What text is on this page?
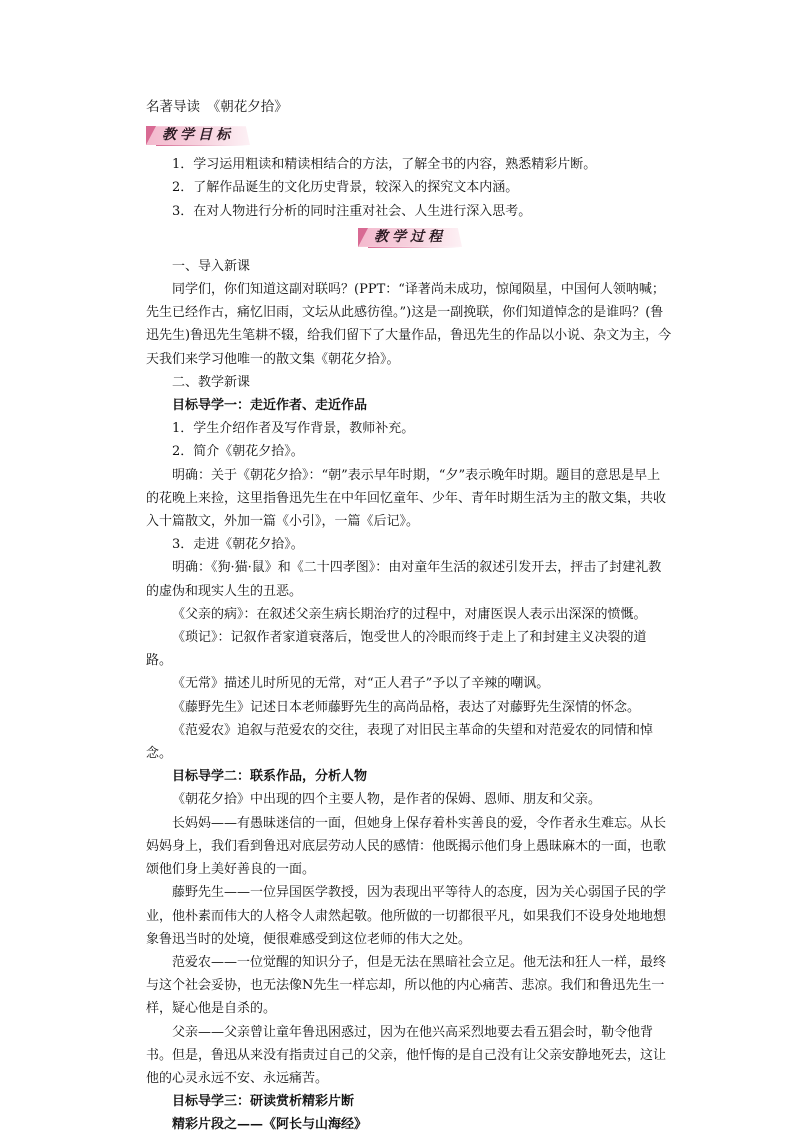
名著导读　《朝花夕拾》

教学目标

1．学习运用粗读和精读相结合的方法，了解全书的内容，熟悉精彩片断。

2．了解作品诞生的文化历史背景，较深入的探究文本内涵。

3．在对人物进行分析的同时注重对社会、人生进行深入思考。

教学过程

一、导入新课

同学们，你们知道这副对联吗？(PPT：“译著尚未成功，惊闻陨星，中国何人领呐喊；先生已经作古，痛忆旧雨，文坛从此感彷徨。”)这是一副挽联，你们知道悼念的是谁吗？(鲁迅先生)鲁迅先生笔耕不辍，给我们留下了大量作品，鲁迅先生的作品以小说、杂文为主，今天我们来学习他唯一的散文集《朝花夕拾》。

二、教学新课

目标导学一：走近作者、走近作品

1．学生介绍作者及写作背景，教师补充。

2．简介《朝花夕拾》。

明确：关于《朝花夕拾》：“朝”表示早年时期，“夕”表示晚年时期。题目的意思是早上的花晚上来捡，这里指鲁迅先生在中年回忆童年、少年、青年时期生活为主的散文集，共收入十篇散文，外加一篇《小引》，一篇《后记》。

3．走进《朝花夕拾》。

明确：《狗·猫·鼠》和《二十四孝图》：由对童年生活的叙述引发开去，抨击了封建礼教的虚伪和现实人生的丑恶。

《父亲的病》：在叙述父亲生病长期治疗的过程中，对庸医误人表示出深深的愤慨。

《琐记》：记叙作者家道衰落后，饱受世人的冷眼而终于走上了和封建主义决裂的道路。

《无常》描述儿时所见的无常，对“正人君子”予以了辛辣的嘲讽。

《藤野先生》记述日本老师藤野先生的高尚品格，表达了对藤野先生深情的怀念。

《范爱农》追叙与范爱农的交往，表现了对旧民主革命的失望和对范爱农的同情和悼念。

目标导学二：联系作品，分析人物

《朝花夕拾》中出现的四个主要人物，是作者的保姆、恩师、朋友和父亲。

长妈妈——有愚昧迷信的一面，但她身上保存着朴实善良的爱，令作者永生难忘。从长妈妈身上，我们看到鲁迅对底层劳动人民的感情：他既揭示他们身上愚昧麻木的一面，也歌颂他们身上美好善良的一面。

藤野先生——一位异国医学教授，因为表现出平等待人的态度，因为关心弱国子民的学业，他朴素而伟大的人格令人肃然起敬。他所做的一切都很平凡，如果我们不设身处地地想象鲁迅当时的处境，便很难感受到这位老师的伟大之处。

范爱农——一位觉醒的知识分子，但是无法在黑暗社会立足。他无法和狂人一样，最终与这个社会妥协，也无法像N先生一样忘却，所以他的内心痛苦、悲凉。我们和鲁迅先生一样，疑心他是自杀的。

父亲——父亲曾让童年鲁迅困惑过，因为在他兴高采烈地要去看五猖会时，勒令他背书。但是，鲁迅从来没有指责过自己的父亲，他忏悔的是自己没有让父亲安静地死去，这让他的心灵永远不安、永远痛苦。

目标导学三：研读赏析精彩片断

精彩片段之——《阿长与山海经》
